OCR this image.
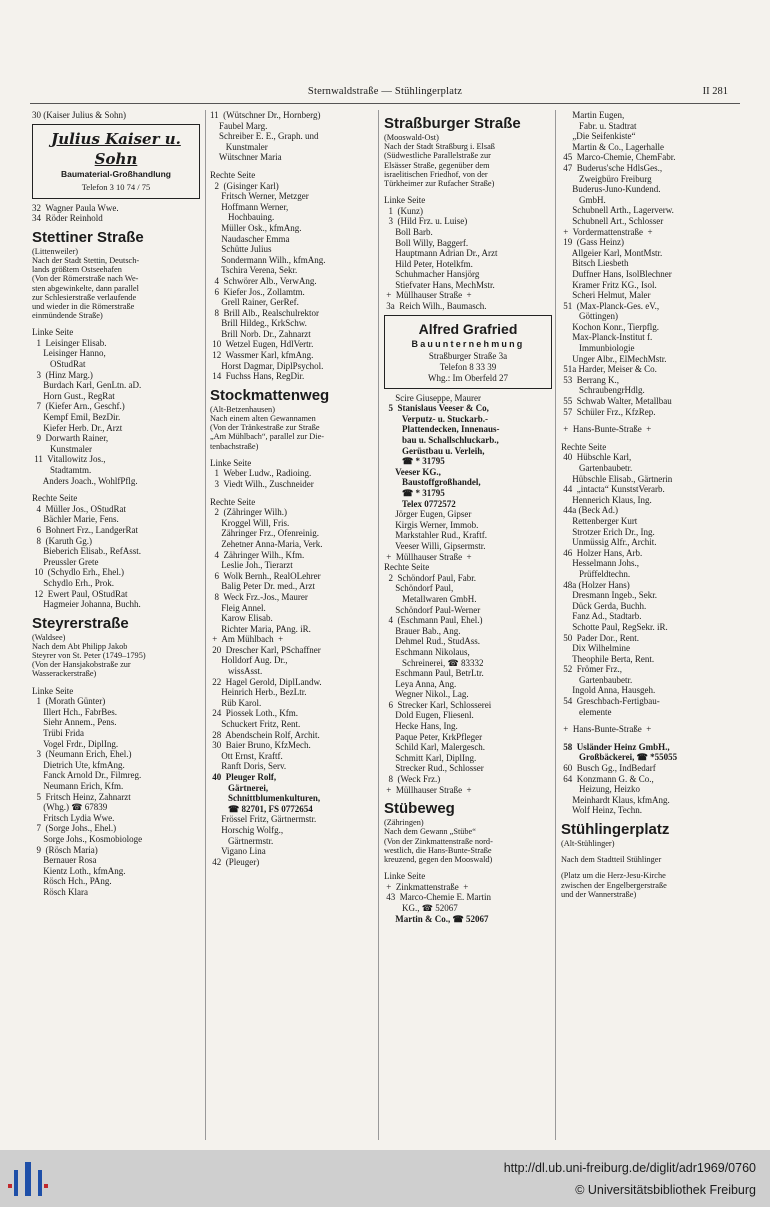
Sternwaldstraße — Stühlingerplatz	II 281
30 (Kaiser Julius & Sohn)
Julius Kaiser u. Sohn
Baumaterial-Großhandlung
Telefon 3 10 74 / 75
32  Wagner Paula Wwe.
34  Röder Reinhold
Stettiner Straße
(Littenweiler)
Nach der Stadt Stettin, Deutsch-
lands größtem Ostseehafen
(Von der Römerstraße nach We-
sten abgewinkelte, dann parallel
zur Schlesierstraße verlaufende
und wieder in die Römerstraße
einmündende Straße)
Linke Seite
1  Leisinger Elisab.
Leisinger Hanno,
OStudRat
3  (Hinz Marg.)
Burdach Karl, GenLtn. aD.
Horn Gust., RegRat
7  (Kiefer Arn., Geschf.)
Kempf Emil, BezDir.
Kiefer Herb. Dr., Arzt
9  Dorwarth Rainer,
Kunstmaler
11  Vitallowitz Jos.,
Stadtamtm.
Anders Joach., WohlfPflg.
Rechte Seite
4  Müller Jos., OStudRat
Bächler Marie, Fens.
6  Bohnert Frz., LandgerRat
8  (Karuth Gg.)
Bieberich Elisab., RefAsst.
Preussler Grete
10  (Schydlo Erh., Ehel.)
Schydlo Erh., Prok.
12  Ewert Paul, OStudRat
Hagmeier Johanna, Buchh.
Steyrerstraße
(Waldsee)
Nach dem Abt Philipp Jakob
Steyrer von St. Peter (1749–1795)
(Von der Hansjakobstraße zur
Wasserackerstraße)
Linke Seite
1  (Morath Günter)
Illert Hch., FabrBes.
Siehr Annem., Pens.
Trübi Frida
Vogel Frdr., DiplIng.
3  (Neumann Erich, Ehel.)
Dietrich Ute, kfmAng.
Fanck Arnold Dr., Filmreg.
Neumann Erich, Kfm.
5  Fritsch Heinz, Zahnarzt
(Whg.) ☎ 67839
Fritsch Lydia Wwe.
7  (Sorge Johs., Ehel.)
Sorge Johs., Kosmobiologe
9  (Rösch Maria)
Bernauer Rosa
Kientz Loth., kfmAng.
Rösch Hch., PAng.
Rösch Klara
11  (Wütschner Dr., Hornberg)
Faubel Marg.
Schreiber E. E., Graph. und
Kunstmaler
Wütschner Maria
Rechte Seite
2  (Gisinger Karl)
Fritsch Werner, Metzger
Hoffmann Werner,
Hochbauing.
Müller Osk., kfmAng.
Naudascher Emma
Schütte Julius
Sondermann Wilh., kfmAng.
Tschira Verena, Sekr.
4  Schwörer Alb., VerwAng.
6  Kiefer Jos., Zollamtm.
Grell Rainer, GerRef.
8  Brill Alb., Realschulrektor
Brill Hildeg., KrkSchw.
Brill Norb. Dr., Zahnarzt
10  Wetzel Eugen, HdlVertr.
12  Wassmer Karl, kfmAng.
Horst Dagmar, DiplPsychol.
14  Fuchss Hans, RegDir.
Stockmattenweg
(Alt-Betzenhausen)
Nach einem alten Gewannamen
(Von der Tränkestraße zur Straße
„Am Mühlbach“, parallel zur Die-
tenbachstraße)
Linke Seite
1  Weber Ludw., Radioing.
3  Viedt Wilh., Zuschneider
Rechte Seite
2  (Zähringer Wilh.)
Kroggel Will, Fris.
Zähringer Frz., Ofenreinig.
Zehetner Anna-Maria, Verk.
4  Zähringer Wilh., Kfm.
Leslie Joh., Tierarzt
6  Wolk Bernh., RealOLehrer
Balig Peter Dr. med., Arzt
8  Weck Frz.-Jos., Maurer
Fleig Annel.
Karow Elisab.
Richter Maria, PAng. iR.
+  Am Mühlbach  +
20  Drescher Karl, PSchaffner
Holldorf Aug. Dr.,
wissAsst.
22  Hagel Gerold, DiplLandw.
Heinrich Herb., BezLtr.
Rüb Karol.
24  Piossek Loth., Kfm.
Schuckert Fritz, Rent.
28  Abendschein Rolf, Archit.
30  Baier Bruno, KfzMech.
Ott Ernst, Kraftf.
Ranft Doris, Serv.
40  Pleuger Rolf,
Gärtnerei,
Schnittblumenkulturen,
☎ 82701, FS 0772654
Frössel Fritz, Gärtnermstr.
Horschig Wolfg.,
Gärtnermstr.
Vigano Lina
42  (Pleuger)
Straßburger Straße
(Mooswald-Ost)
Nach der Stadt Straßburg i. Elsaß
(Südwestliche Parallelstraße zur
Elsässer Straße, gegenüber dem
israelitischen Friedhof, von der
Türkheimer zur Rufacher Straße)
Linke Seite
1  (Kunz)
3  (Hild Frz. u. Luise)
Boll Barb.
Boll Willy, Baggerf.
Hauptmann Adrian Dr., Arzt
Hild Peter, Hotelkfm.
Schuhmacher Hansjörg
Stiefvater Hans, MechMstr.
+  Müllhauser Straße  +
3a  Reich Wilh., Baumasch.
Alfred Grafried
Bauunternehmung
Straßburger Straße 3a
Telefon 8 33 39
Whg.: Im Oberfeld 27
Scire Giuseppe, Maurer
5  Stanislaus Veeser & Co,
Verputz- u. Stuckarb.-
Plattendecken, Innenaus-
bau u. Schallschluckarb.,
Gerüstbau u. Verleih,
☎ * 31795
Veeser KG.,
Baustoffgroßhandel,
☎ * 31795
Telex 0772572
Jörger Eugen, Gipser
Kirgis Werner, Immob.
Markstahler Rud., Kraftf.
Veeser Willi, Gipsermstr.
+  Müllhauser Straße  +
Rechte Seite
2  Schöndorf Paul, Fabr.
Schöndorf Paul,
Metallwaren GmbH.
Schöndorf Paul-Werner
4  (Eschmann Paul, Ehel.)
Brauer Bab., Ang.
Dehmel Rud., StudAss.
Eschmann Nikolaus,
Schreinerei, ☎ 83332
Eschmann Paul, BetrLtr.
Leya Anna, Ang.
Wegner Nikol., Lag.
6  Strecker Karl, Schlosserei
Dold Eugen, Fliesenl.
Hecke Hans, Ing.
Paque Peter, KrkPfleger
Schild Karl, Malergesch.
Schmitt Karl, DiplIng.
Strecker Rud., Schlosser
8  (Weck Frz.)
+  Müllhauser Straße  +
Stübeweg
(Zähringen)
Nach dem Gewann „Stübe“
(Von der Zinkmattenstraße nord-
westlich, die Hans-Bunte-Straße
kreuzend, gegen den Mooswald)
Linke Seite
+  Zinkmattenstraße  +
43  Marco-Chemie E. Martin
KG., ☎ 52067
Martin & Co., ☎ 52067
Martin Eugen,
Fabr. u. Stadtrat
„Die Seifenkiste“
Martin & Co., Lagerhalle
45  Marco-Chemie, ChemFabr.
47  Buderus'sche HdlsGes.,
Zweigbüro Freiburg
Buderus-Juno-Kundend.
GmbH.
Schubnell Arth., Lagerverw.
Schubnell Art., Schlosser
+  Vordermattenstraße  +
19  (Gass Heinz)
Allgeier Karl, MontMstr.
Bitsch Liesbeth
Duffner Hans, IsolBlechner
Kramer Fritz KG., Isol.
Scheri Helmut, Maler
51  (Max-Planck-Ges. eV.,
Göttingen)
Kochon Konr., Tierpflg.
Max-Planck-Institut f.
Immunbiologie
Unger Albr., ElMechMstr.
51a Harder, Meiser & Co.
53  Berrang K.,
SchraubengrHdlg.
55  Schwab Walter, Metallbau
57  Schüler Frz., KfzRep.
+  Hans-Bunte-Straße  +
Rechte Seite
40  Hübschle Karl,
Gartenbaubetr.
Hübschle Elisab., Gärtnerin
44  „intacta“ KunststVerarb.
Hennerich Klaus, Ing.
44a (Beck Ad.)
Rettenberger Kurt
Strotzer Erich Dr., Ing.
Unmüssig Alfr., Archit.
46  Holzer Hans, Arb.
Hesselmann Johs.,
Prüffeldtechn.
48a (Holzer Hans)
Dresmann Ingeb., Sekr.
Dück Gerda, Buchh.
Fanz Ad., Stadtarb.
Schotte Paul, RegSekr. iR.
50  Pader Dor., Rent.
Dix Wilhelmine
Theophile Berta, Rent.
52  Frömer Frz.,
Gartenbaubetr.
Ingold Anna, Hausgeh.
54  Greschbach-Fertigbau-
elemente
+  Hans-Bunte-Straße  +
58  Usländer Heinz GmbH.,
Großbäckerei, ☎ *55055
60  Busch Gg., IndBedarf
64  Konzmann G. & Co.,
Heizung, Heizko
Meinhardt Klaus, kfmAng.
Wolf Heinz, Techn.
Stühlingerplatz
(Alt-Stühlinger)
Nach dem Stadtteil Stühlinger
(Platz um die Herz-Jesu-Kirche
zwischen der Engelbergerstraße
und der Wannerstraße)
http://dl.ub.uni-freiburg.de/diglit/adr1969/0760
© Universitätsbibliothek Freiburg
